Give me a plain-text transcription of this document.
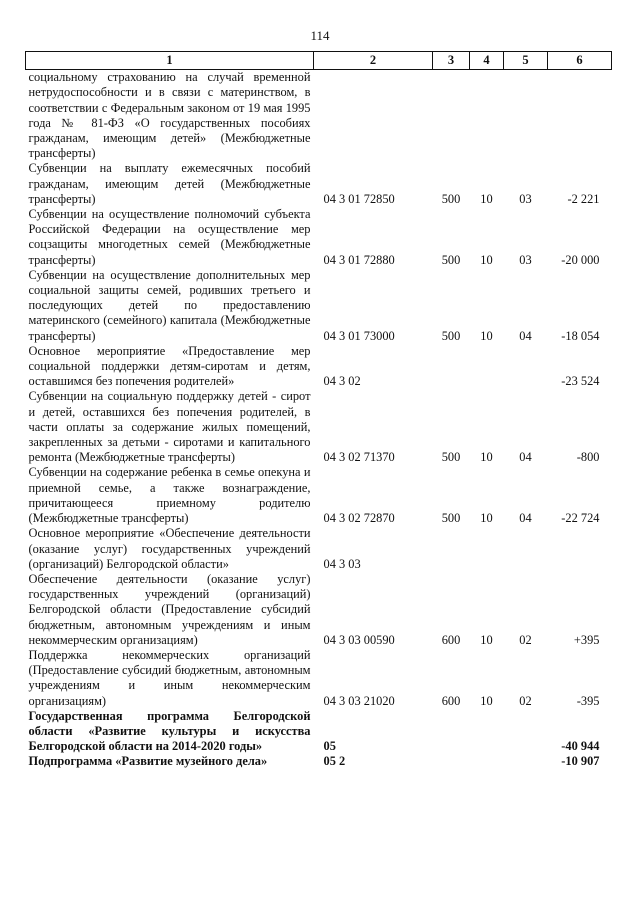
114
1	2	3	4	5	6
социальному страхованию на случай временной нетрудоспособности и в связи с материнством, в соответствии с Федеральным законом от 19 мая 1995 года № 81-ФЗ «О государственных пособиях гражданам, имеющим детей» (Межбюджетные трансферты)					
Субвенции на выплату ежемесячных пособий гражданам, имеющим детей (Межбюджетные трансферты)	04 3 01 72850	500	10	03	-2 221
Субвенции на осуществление полномочий субъекта Российской Федерации на осуществление мер соцзащиты многодетных семей (Межбюджетные трансферты)	04 3 01 72880	500	10	03	-20 000
Субвенции на осуществление дополнительных мер социальной защиты семей, родивших третьего и последующих детей по предоставлению материнского (семейного) капитала (Межбюджетные трансферты)	04 3 01 73000	500	10	04	-18 054
Основное мероприятие «Предоставление мер социальной поддержки детям-сиротам и детям, оставшимся без попечения родителей»	04 3 02				-23 524
Субвенции на социальную поддержку детей - сирот и детей, оставшихся без попечения родителей, в части оплаты за содержание жилых помещений, закрепленных за детьми - сиротами и капитального ремонта (Межбюджетные трансферты)	04 3 02 71370	500	10	04	-800
Субвенции на содержание ребенка в семье опекуна и приемной семье, а также вознаграждение, причитающееся приемному родителю (Межбюджетные трансферты)	04 3 02 72870	500	10	04	-22 724
Основное мероприятие «Обеспечение деятельности (оказание услуг) государственных учреждений (организаций) Белгородской области»	04 3 03				
Обеспечение деятельности (оказание услуг) государственных учреждений (организаций) Белгородской области (Предоставление субсидий бюджетным, автономным учреждениям и иным некоммерческим организациям)	04 3 03 00590	600	10	02	+395
Поддержка некоммерческих организаций (Предоставление субсидий бюджетным, автономным учреждениям и иным некоммерческим организациям)	04 3 03 21020	600	10	02	-395
Государственная программа Белгородской области «Развитие культуры и искусства Белгородской области на 2014-2020 годы»	05				-40 944
Подпрограмма «Развитие музейного дела»	05 2				-10 907
